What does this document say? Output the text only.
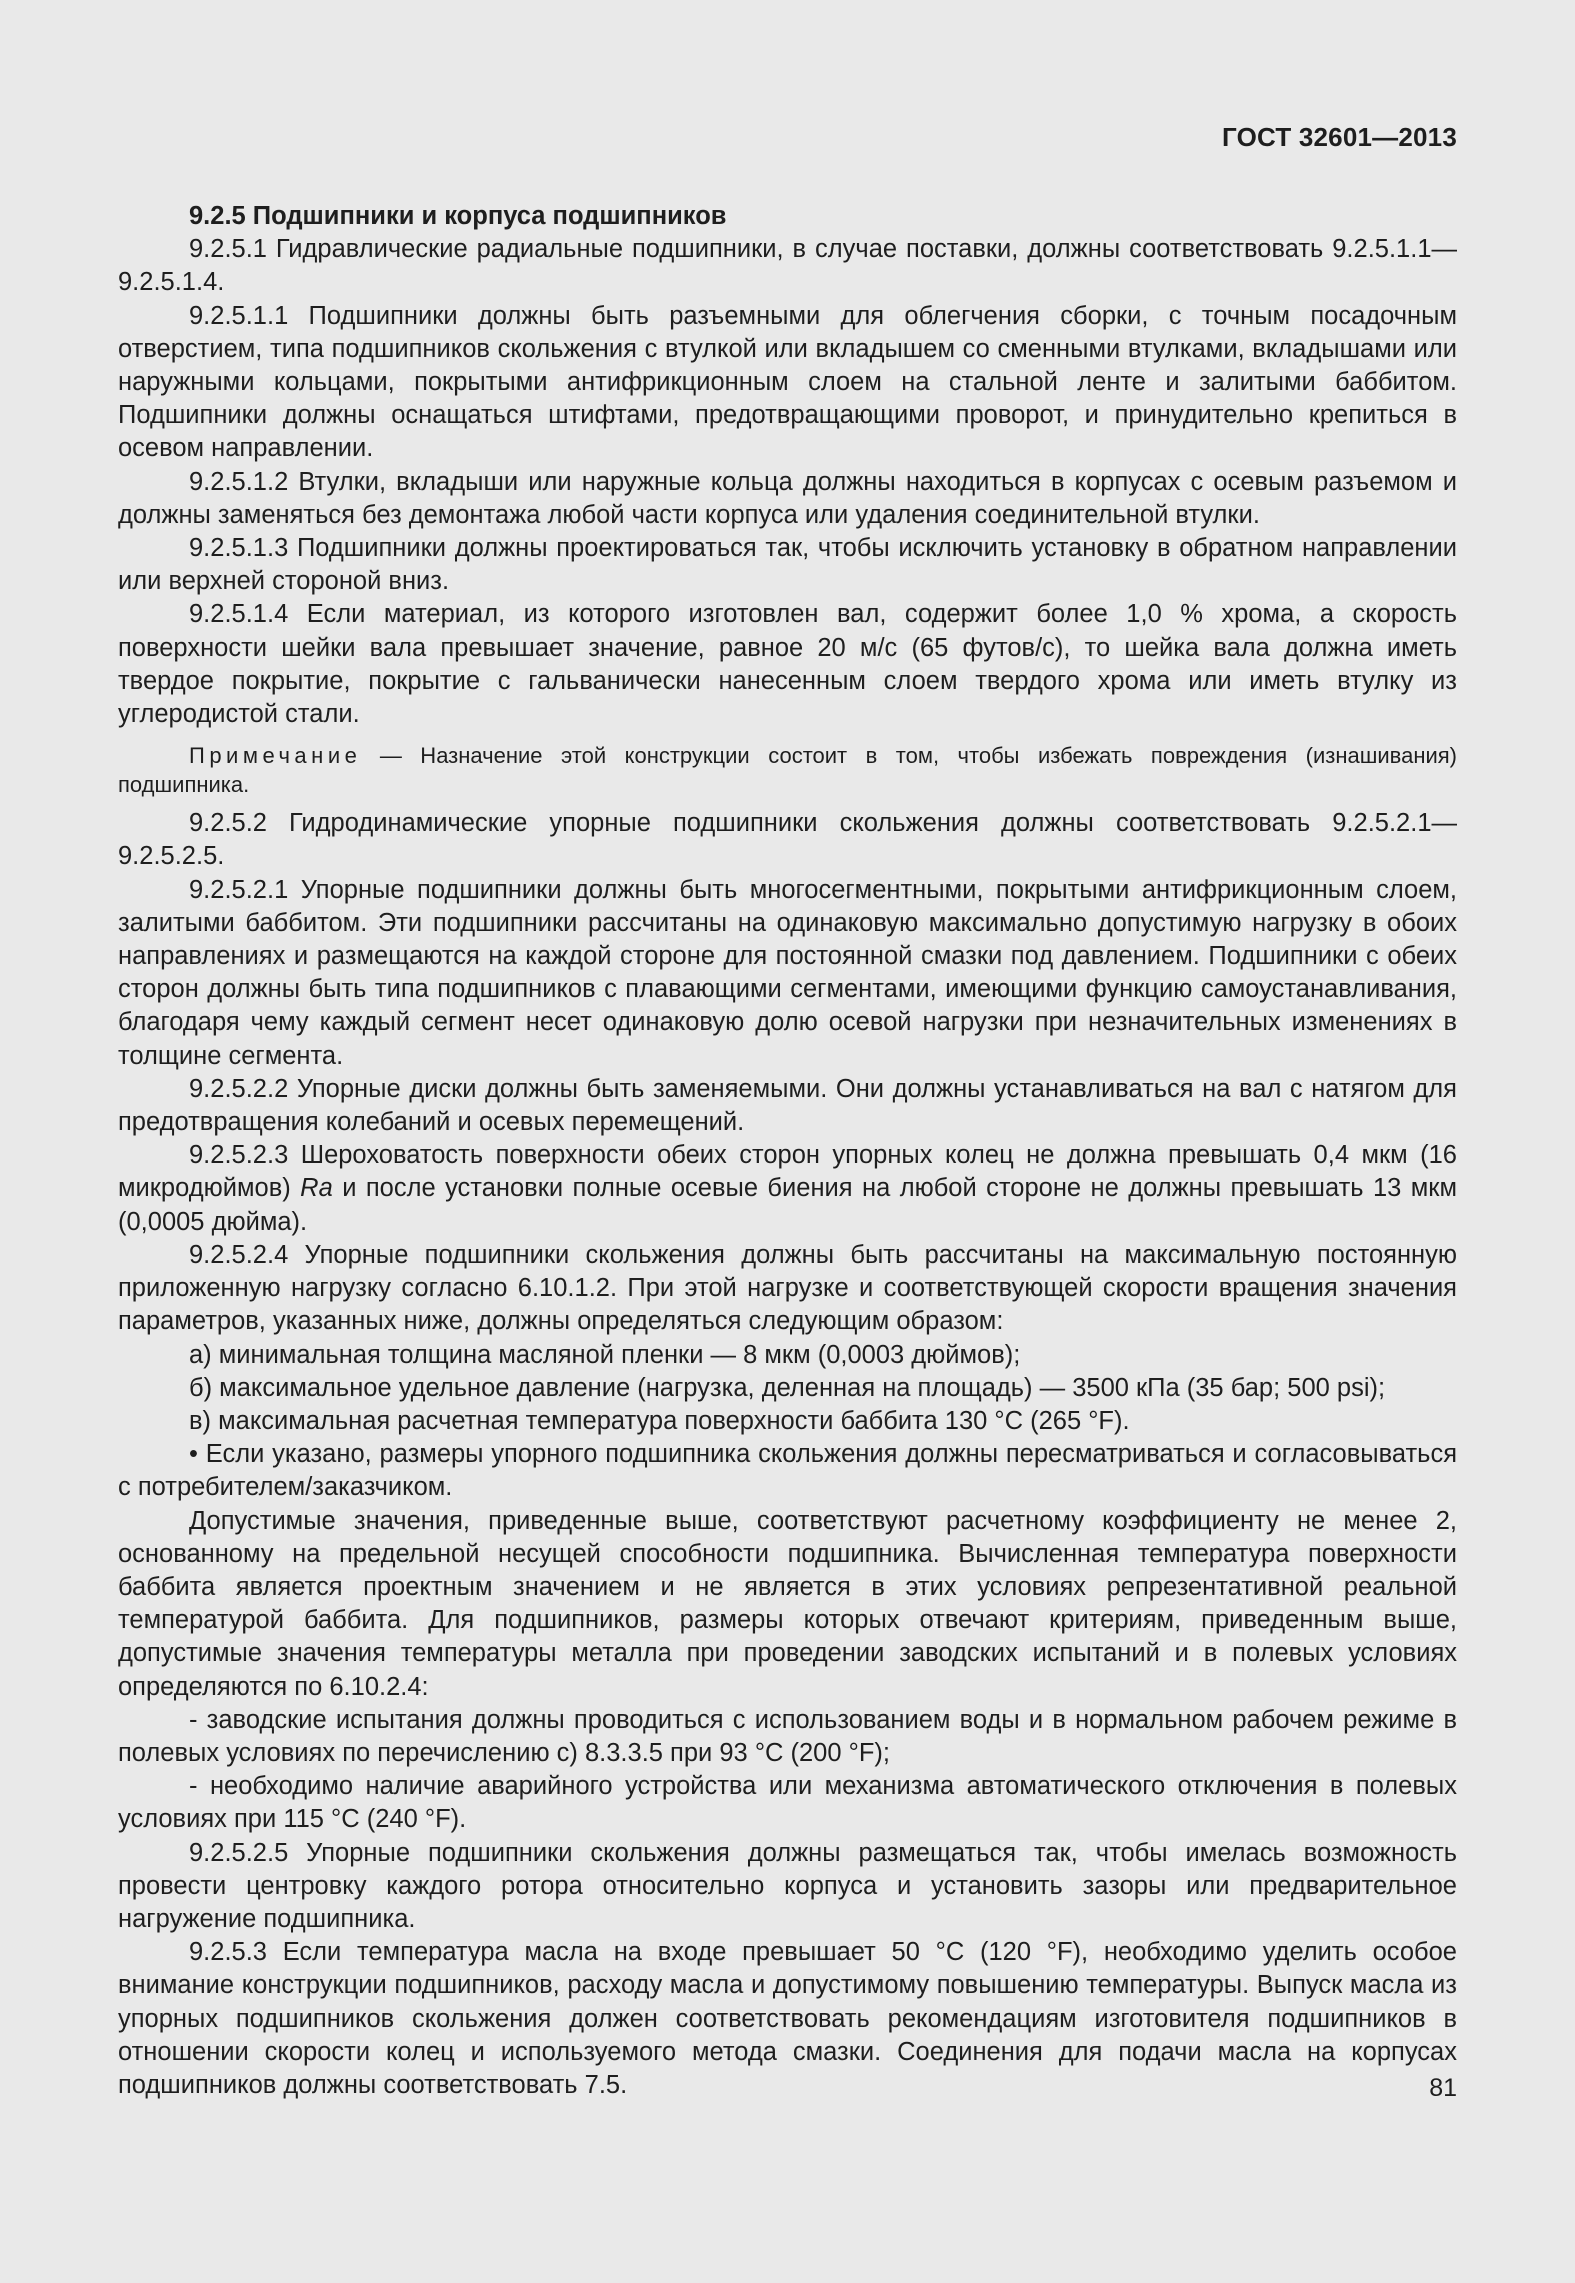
ГОСТ 32601—2013

9.2.5 Подшипники и корпуса подшипников

9.2.5.1 Гидравлические радиальные подшипники, в случае поставки, должны соответствовать 9.2.5.1.1—9.2.5.1.4.

9.2.5.1.1 Подшипники должны быть разъемными для облегчения сборки, с точным посадочным отверстием, типа подшипников скольжения с втулкой или вкладышем со сменными втулками, вкладышами или наружными кольцами, покрытыми антифрикционным слоем на стальной ленте и залитыми баббитом. Подшипники должны оснащаться штифтами, предотвращающими проворот, и принудительно крепиться в осевом направлении.

9.2.5.1.2 Втулки, вкладыши или наружные кольца должны находиться в корпусах с осевым разъемом и должны заменяться без демонтажа любой части корпуса или удаления соединительной втулки.

9.2.5.1.3 Подшипники должны проектироваться так, чтобы исключить установку в обратном направлении или верхней стороной вниз.

9.2.5.1.4 Если материал, из которого изготовлен вал, содержит более 1,0 % хрома, а скорость поверхности шейки вала превышает значение, равное 20 м/с (65 футов/с), то шейка вала должна иметь твердое покрытие, покрытие с гальванически нанесенным слоем твердого хрома или иметь втулку из углеродистой стали.

Примечание — Назначение этой конструкции состоит в том, чтобы избежать повреждения (изнашивания) подшипника.

9.2.5.2 Гидродинамические упорные подшипники скольжения должны соответствовать 9.2.5.2.1— 9.2.5.2.5.

9.2.5.2.1 Упорные подшипники должны быть многосегментными, покрытыми антифрикционным слоем, залитыми баббитом. Эти подшипники рассчитаны на одинаковую максимально допустимую нагрузку в обоих направлениях и размещаются на каждой стороне для постоянной смазки под давлением. Подшипники с обеих сторон должны быть типа подшипников с плавающими сегментами, имеющими функцию самоустанавливания, благодаря чему каждый сегмент несет одинаковую долю осевой нагрузки при незначительных изменениях в толщине сегмента.

9.2.5.2.2 Упорные диски должны быть заменяемыми. Они должны устанавливаться на вал с натягом для предотвращения колебаний и осевых перемещений.

9.2.5.2.3 Шероховатость поверхности обеих сторон упорных колец не должна превышать 0,4 мкм (16 микродюймов) Ra и после установки полные осевые биения на любой стороне не должны превышать 13 мкм (0,0005 дюйма).

9.2.5.2.4 Упорные подшипники скольжения должны быть рассчитаны на максимальную постоянную приложенную нагрузку согласно 6.10.1.2. При этой нагрузке и соответствующей скорости вращения значения параметров, указанных ниже, должны определяться следующим образом:

а) минимальная толщина масляной пленки — 8 мкм (0,0003 дюймов);

б) максимальное удельное давление (нагрузка, деленная на площадь) — 3500 кПа (35 бар; 500 psi);

в) максимальная расчетная температура поверхности баббита 130 °С (265 °F).

• Если указано, размеры упорного подшипника скольжения должны пересматриваться и согласовываться с потребителем/заказчиком.

Допустимые значения, приведенные выше, соответствуют расчетному коэффициенту не менее 2, основанному на предельной несущей способности подшипника. Вычисленная температура поверхности баббита является проектным значением и не является в этих условиях репрезентативной реальной температурой баббита. Для подшипников, размеры которых отвечают критериям, приведенным выше, допустимые значения температуры металла при проведении заводских испытаний и в полевых условиях определяются по 6.10.2.4:

- заводские испытания должны проводиться с использованием воды и в нормальном рабочем режиме в полевых условиях по перечислению с) 8.3.3.5 при 93 °С (200 °F);

- необходимо наличие аварийного устройства или механизма автоматического отключения в полевых условиях при 115 °С (240 °F).

9.2.5.2.5 Упорные подшипники скольжения должны размещаться так, чтобы имелась возможность провести центровку каждого ротора относительно корпуса и установить зазоры или предварительное нагружение подшипника.

9.2.5.3 Если температура масла на входе превышает 50 °С (120 °F), необходимо уделить особое внимание конструкции подшипников, расходу масла и допустимому повышению температуры. Выпуск масла из упорных подшипников скольжения должен соответствовать рекомендациям изготовителя подшипников в отношении скорости колец и используемого метода смазки. Соединения для подачи масла на корпусах подшипников должны соответствовать 7.5.	81
